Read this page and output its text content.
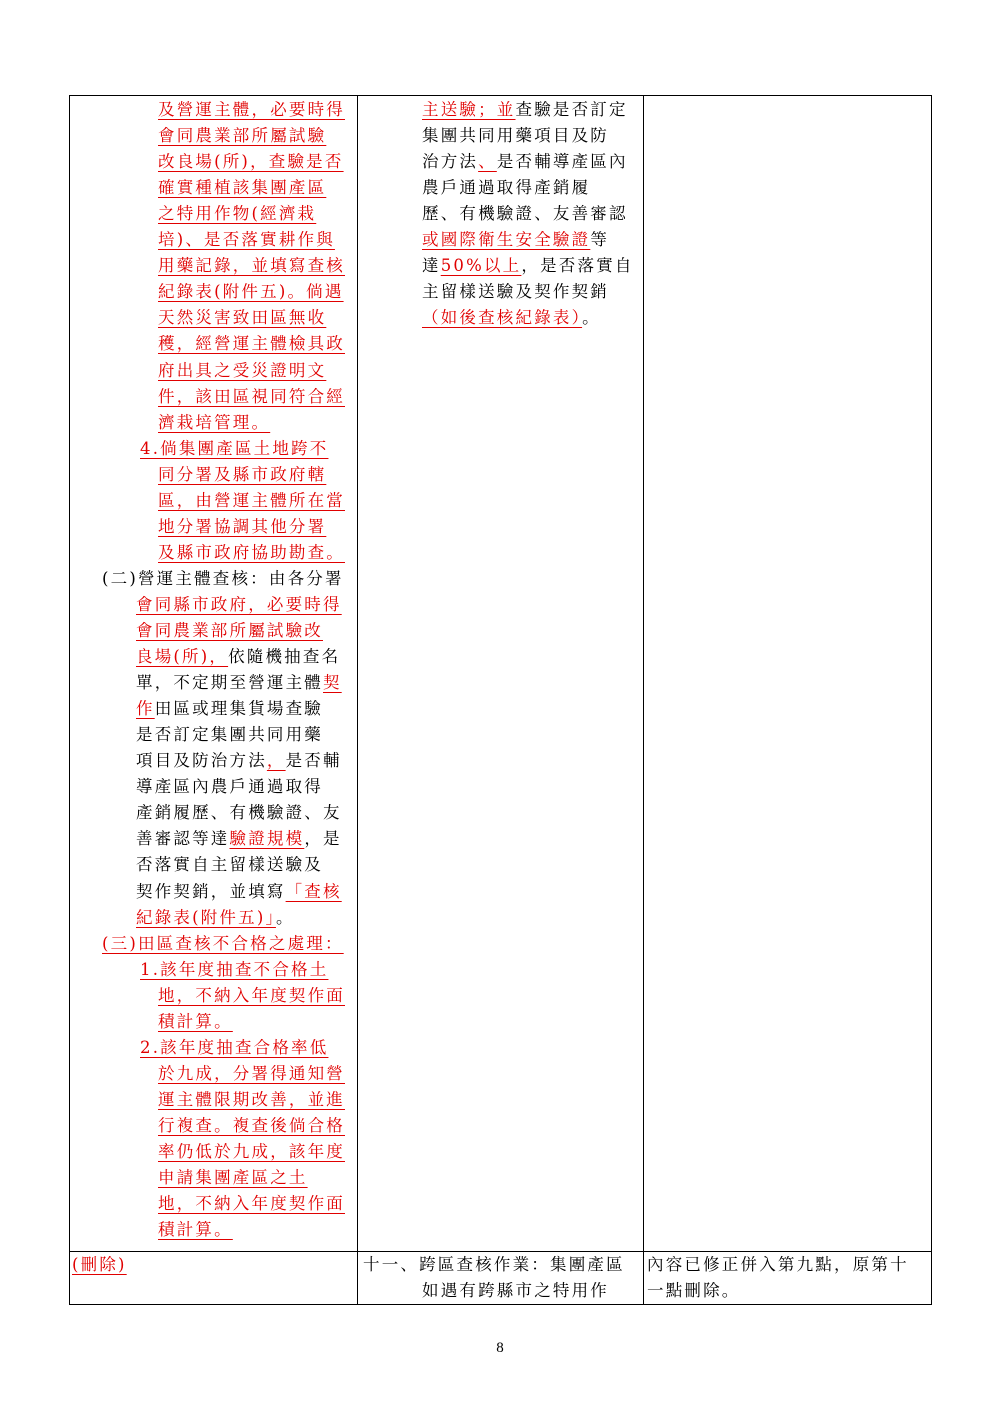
及營運主體，必要時得
會同農業部所屬試驗
改良場(所)，查驗是否
確實種植該集團產區
之特用作物(經濟栽
培)、是否落實耕作與
用藥記錄，並填寫查核
紀錄表(附件五)。倘遇
天然災害致田區無收
穫，經營運主體檢具政
府出具之受災證明文
件，該田區視同符合經
濟栽培管理。
4.倘集團產區土地跨不
同分署及縣市政府轄
區，由營運主體所在當
地分署協調其他分署
及縣市政府協助勘查。
(二)營運主體查核：由各分署
會同縣市政府，必要時得
會同農業部所屬試驗改
良場(所)，依隨機抽查名
單，不定期至營運主體契
作田區或理集貨場查驗
是否訂定集團共同用藥
項目及防治方法，是否輔
導產區內農戶通過取得
產銷履歷、有機驗證、友
善審認等達驗證規模，是
否落實自主留樣送驗及
契作契銷，並填寫「查核
紀錄表(附件五)」。
(三)田區查核不合格之處理：
1.該年度抽查不合格土
地，不納入年度契作面
積計算。
2.該年度抽查合格率低
於九成，分署得通知營
運主體限期改善，並進
行複查。複查後倘合格
率仍低於九成，該年度
申請集團產區之土
地，不納入年度契作面
積計算。
主送驗；並查驗是否訂定
集團共同用藥項目及防
治方法、是否輔導產區內
農戶通過取得產銷履
歷、有機驗證、友善審認
或國際衛生安全驗證等
達50%以上，是否落實自
主留樣送驗及契作契銷
（如後查核紀錄表）。
(刪除)	十一、跨區查核作業：集團產區
如遇有跨縣市之特用作
內容已修正併入第九點，原第十
一點刪除。
8
